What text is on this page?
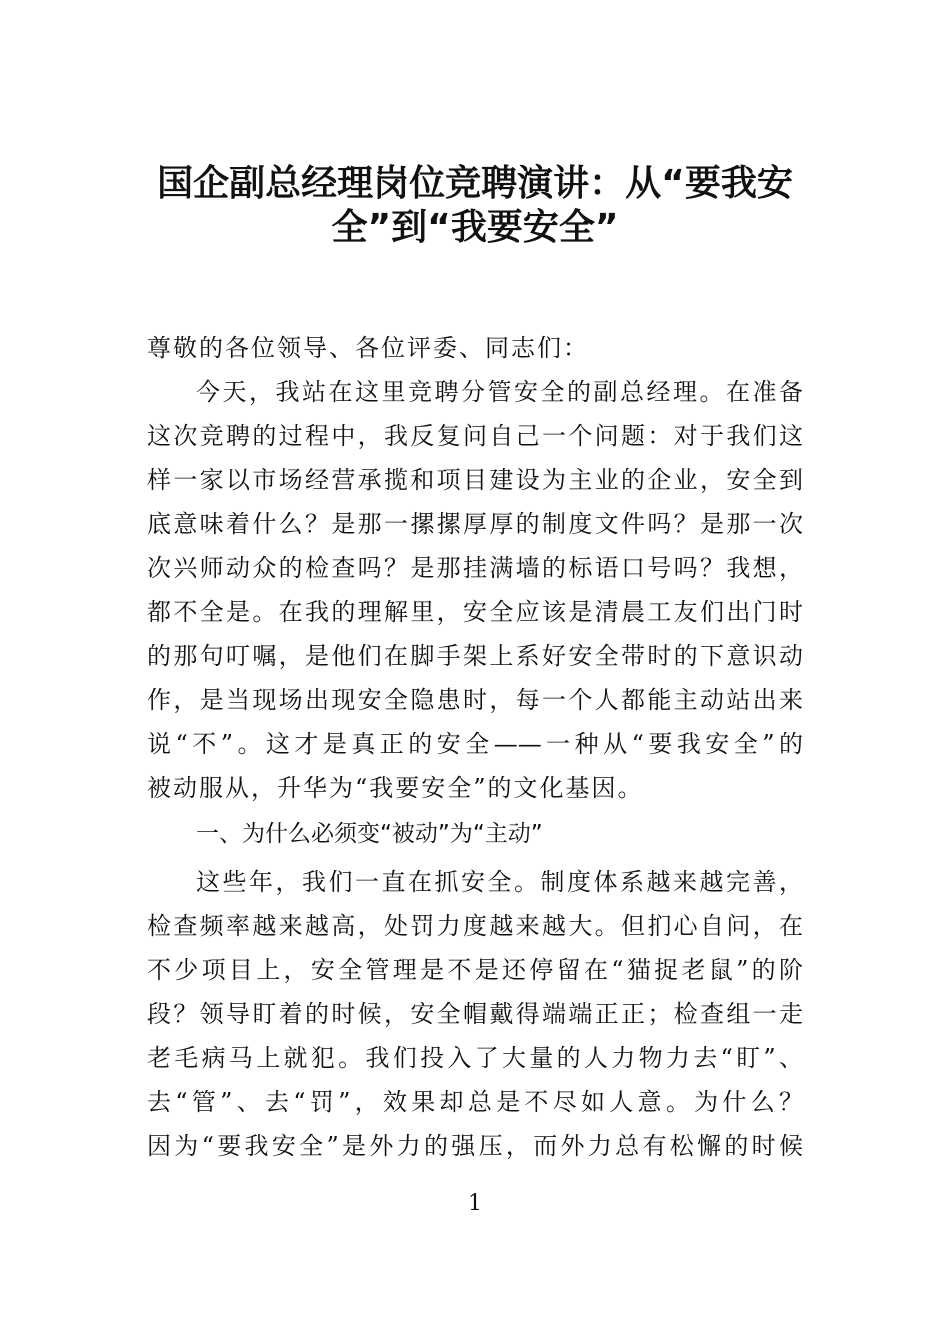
国企副总经理岗位竞聘演讲：从“要我安
全”到“我要安全”
尊敬的各位领导、各位评委、同志们：
今天，我站在这里竞聘分管安全的副总经理。在准备
这次竞聘的过程中，我反复问自己一个问题：对于我们这
样一家以市场经营承揽和项目建设为主业的企业，安全到
底意味着什么？是那一摞摞厚厚的制度文件吗？是那一次
次兴师动众的检查吗？是那挂满墙的标语口号吗？我想，
都不全是。在我的理解里，安全应该是清晨工友们出门时
的那句叮嘱，是他们在脚手架上系好安全带时的下意识动
作，是当现场出现安全隐患时，每一个人都能主动站出来
说“不”。这才是真正的安全——一种从“要我安全”的
被动服从，升华为“我要安全”的文化基因。
一、为什么必须变“被动”为“主动”
这些年，我们一直在抓安全。制度体系越来越完善，
检查频率越来越高，处罚力度越来越大。但扪心自问，在
不少项目上，安全管理是不是还停留在“猫捉老鼠”的阶
段？领导盯着的时候，安全帽戴得端端正正；检查组一走
老毛病马上就犯。我们投入了大量的人力物力去“盯”、
去“管”、去“罚”，效果却总是不尽如人意。为什么？
因为“要我安全”是外力的强压，而外力总有松懈的时候
1
